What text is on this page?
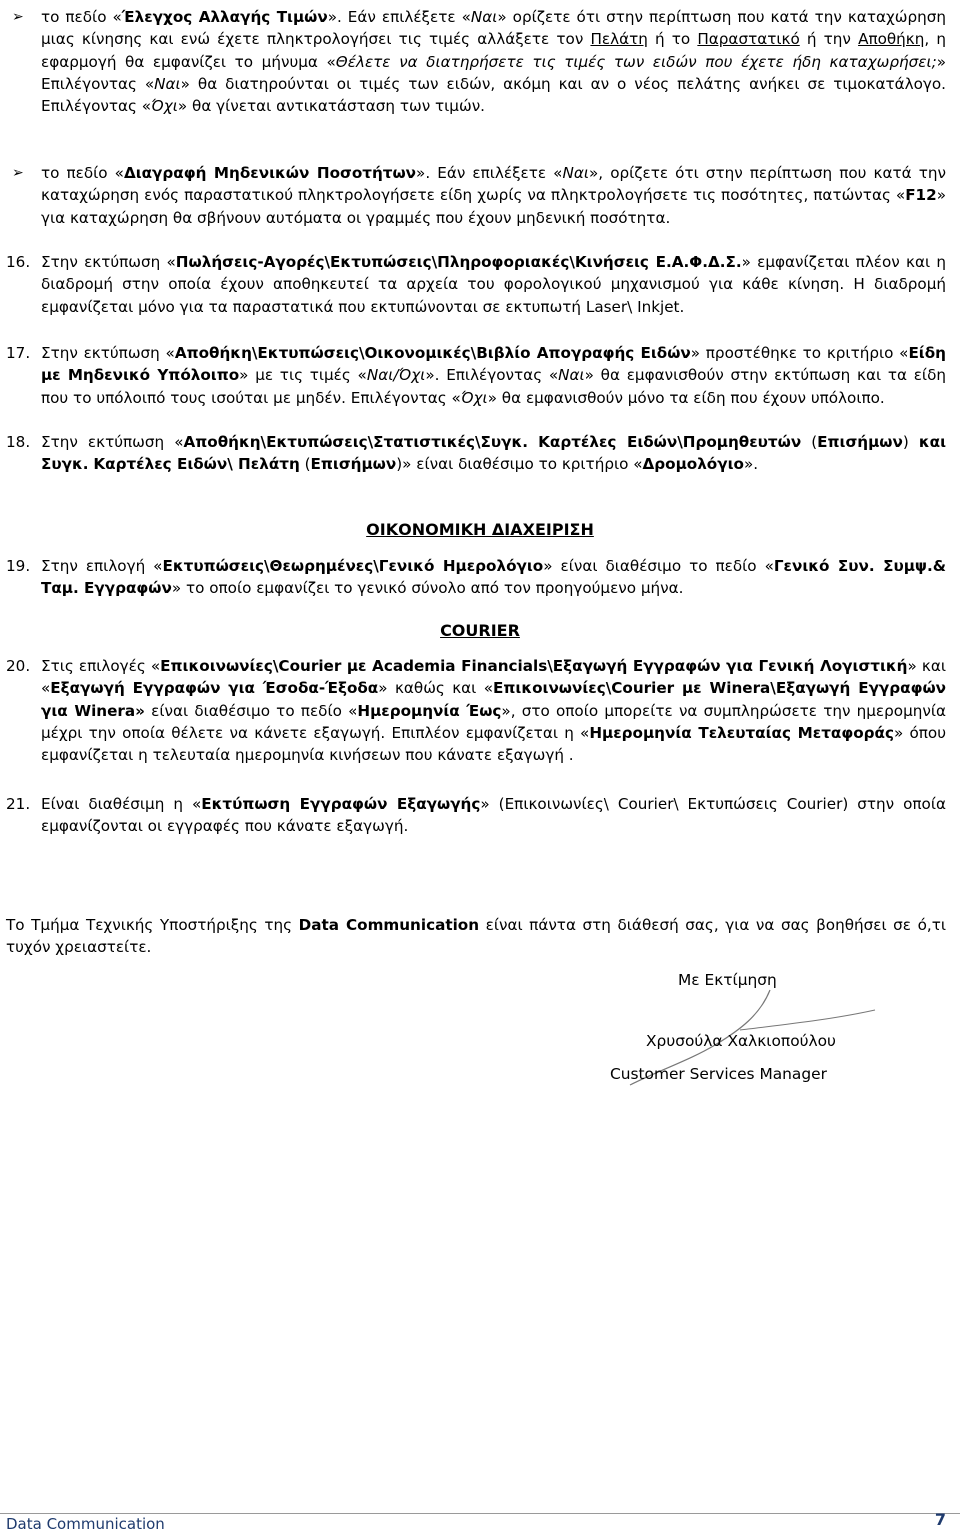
➢ το πεδίο «Έλεγχος Αλλαγής Τιμών». Εάν επιλέξετε «Ναι» ορίζετε ότι στην περίπτωση που κατά την καταχώρηση μιας κίνησης και ενώ έχετε πληκτρολογήσει τις τιμές αλλάξετε τον Πελάτη ή το Παραστατικό ή την Αποθήκη, η εφαρμογή θα εμφανίζει το μήνυμα «Θέλετε να διατηρήσετε τις τιμές των ειδών που έχετε ήδη καταχωρήσει;» Επιλέγοντας «Ναι» θα διατηρούνται οι τιμές των ειδών, ακόμη και αν ο νέος πελάτης ανήκει σε τιμοκατάλογο. Επιλέγοντας «Όχι» θα γίνεται αντικατάσταση των τιμών.

➢ το πεδίο «Διαγραφή Μηδενικών Ποσοτήτων». Εάν επιλέξετε «Ναι», ορίζετε ότι στην περίπτωση που κατά την καταχώρηση ενός παραστατικού πληκτρολογήσετε είδη χωρίς να πληκτρολογήσετε τις ποσότητες, πατώντας «F12» για καταχώρηση θα σβήνουν αυτόματα οι γραμμές που έχουν μηδενική ποσότητα.

16. Στην εκτύπωση «Πωλήσεις-Αγορές\Εκτυπώσεις\Πληροφοριακές\Κινήσεις Ε.Α.Φ.Δ.Σ.» εμφανίζεται πλέον και η διαδρομή στην οποία έχουν αποθηκευτεί τα αρχεία του φορολογικού μηχανισμού για κάθε κίνηση. Η διαδρομή εμφανίζεται μόνο για τα παραστατικά που εκτυπώνονται σε εκτυπωτή Laser\ Inkjet.

17. Στην εκτύπωση «Αποθήκη\Εκτυπώσεις\Οικονομικές\Βιβλίο Απογραφής Ειδών» προστέθηκε το κριτήριο «Είδη με Μηδενικό Υπόλοιπο» με τις τιμές «Ναι/Όχι». Επιλέγοντας «Ναι» θα εμφανισθούν στην εκτύπωση και τα είδη που το υπόλοιπό τους ισούται με μηδέν. Επιλέγοντας «Όχι» θα εμφανισθούν μόνο τα είδη που έχουν υπόλοιπο.

18. Στην εκτύπωση «Αποθήκη\Εκτυπώσεις\Στατιστικές\Συγκ. Καρτέλες Ειδών\Προμηθευτών (Επισήμων) και Συγκ. Καρτέλες Ειδών\ Πελάτη (Επισήμων)» είναι διαθέσιμο το κριτήριο «Δρομολόγιο».

ΟΙΚΟΝΟΜΙΚΗ ΔΙΑΧΕΙΡΙΣΗ

19. Στην επιλογή «Εκτυπώσεις\Θεωρημένες\Γενικό Ημερολόγιο» είναι διαθέσιμο το πεδίο «Γενικό Συν. Συμψ.& Ταμ. Εγγραφών» το οποίο εμφανίζει το γενικό σύνολο από τον προηγούμενο μήνα.

COURIER

20. Στις επιλογές «Επικοινωνίες\Courier με Academia Financials\Εξαγωγή Εγγραφών για Γενική Λογιστική» και «Εξαγωγή Εγγραφών για Έσοδα-Έξοδα» καθώς και «Επικοινωνίες\Courier με Winera\Εξαγωγή Εγγραφών για Winera» είναι διαθέσιμο το πεδίο «Ημερομηνία Έως», στο οποίο μπορείτε να συμπληρώσετε την ημερομηνία μέχρι την οποία θέλετε να κάνετε εξαγωγή. Επιπλέον εμφανίζεται η «Ημερομηνία Τελευταίας Μεταφοράς» όπου εμφανίζεται η τελευταία ημερομηνία κινήσεων που κάνατε εξαγωγή .

21. Είναι διαθέσιμη η «Εκτύπωση Εγγραφών Εξαγωγής» (Επικοινωνίες\ Courier\ Εκτυπώσεις Courier) στην οποία εμφανίζονται οι εγγραφές που κάνατε εξαγωγή.

Το Τμήμα Τεχνικής Υποστήριξης της Data Communication είναι πάντα στη διάθεσή σας, για να σας βοηθήσει σε ό,τι τυχόν χρειαστείτε.

Με Εκτίμηση
Χρυσούλα Χαλκιοπούλου
Customer Services Manager
Data Communication	7
